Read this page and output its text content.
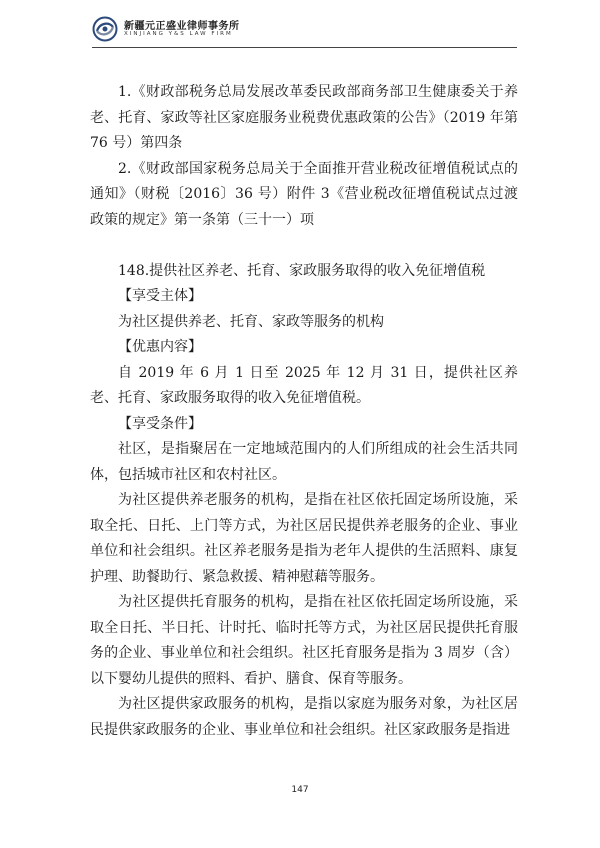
新疆元正盛业律师事务所
XINJIANG Y&S LAW FIRM

1.《财政部税务总局发展改革委民政部商务部卫生健康委关于养老、托育、家政等社区家庭服务业税费优惠政策的公告》（2019 年第 76 号）第四条

2.《财政部国家税务总局关于全面推开营业税改征增值税试点的通知》（财税〔2016〕36 号）附件 3《营业税改征增值税试点过渡政策的规定》第一条第（三十一）项

148.提供社区养老、托育、家政服务取得的收入免征增值税

【享受主体】

为社区提供养老、托育、家政等服务的机构

【优惠内容】

自 2019 年 6 月 1 日至 2025 年 12 月 31 日，提供社区养老、托育、家政服务取得的收入免征增值税。

【享受条件】

社区，是指聚居在一定地域范围内的人们所组成的社会生活共同体，包括城市社区和农村社区。

为社区提供养老服务的机构，是指在社区依托固定场所设施，采取全托、日托、上门等方式，为社区居民提供养老服务的企业、事业单位和社会组织。社区养老服务是指为老年人提供的生活照料、康复护理、助餐助行、紧急救援、精神慰藉等服务。

为社区提供托育服务的机构，是指在社区依托固定场所设施，采取全日托、半日托、计时托、临时托等方式，为社区居民提供托育服务的企业、事业单位和社会组织。社区托育服务是指为 3 周岁（含）以下婴幼儿提供的照料、看护、膳食、保育等服务。

为社区提供家政服务的机构，是指以家庭为服务对象，为社区居民提供家政服务的企业、事业单位和社会组织。社区家政服务是指进

147
